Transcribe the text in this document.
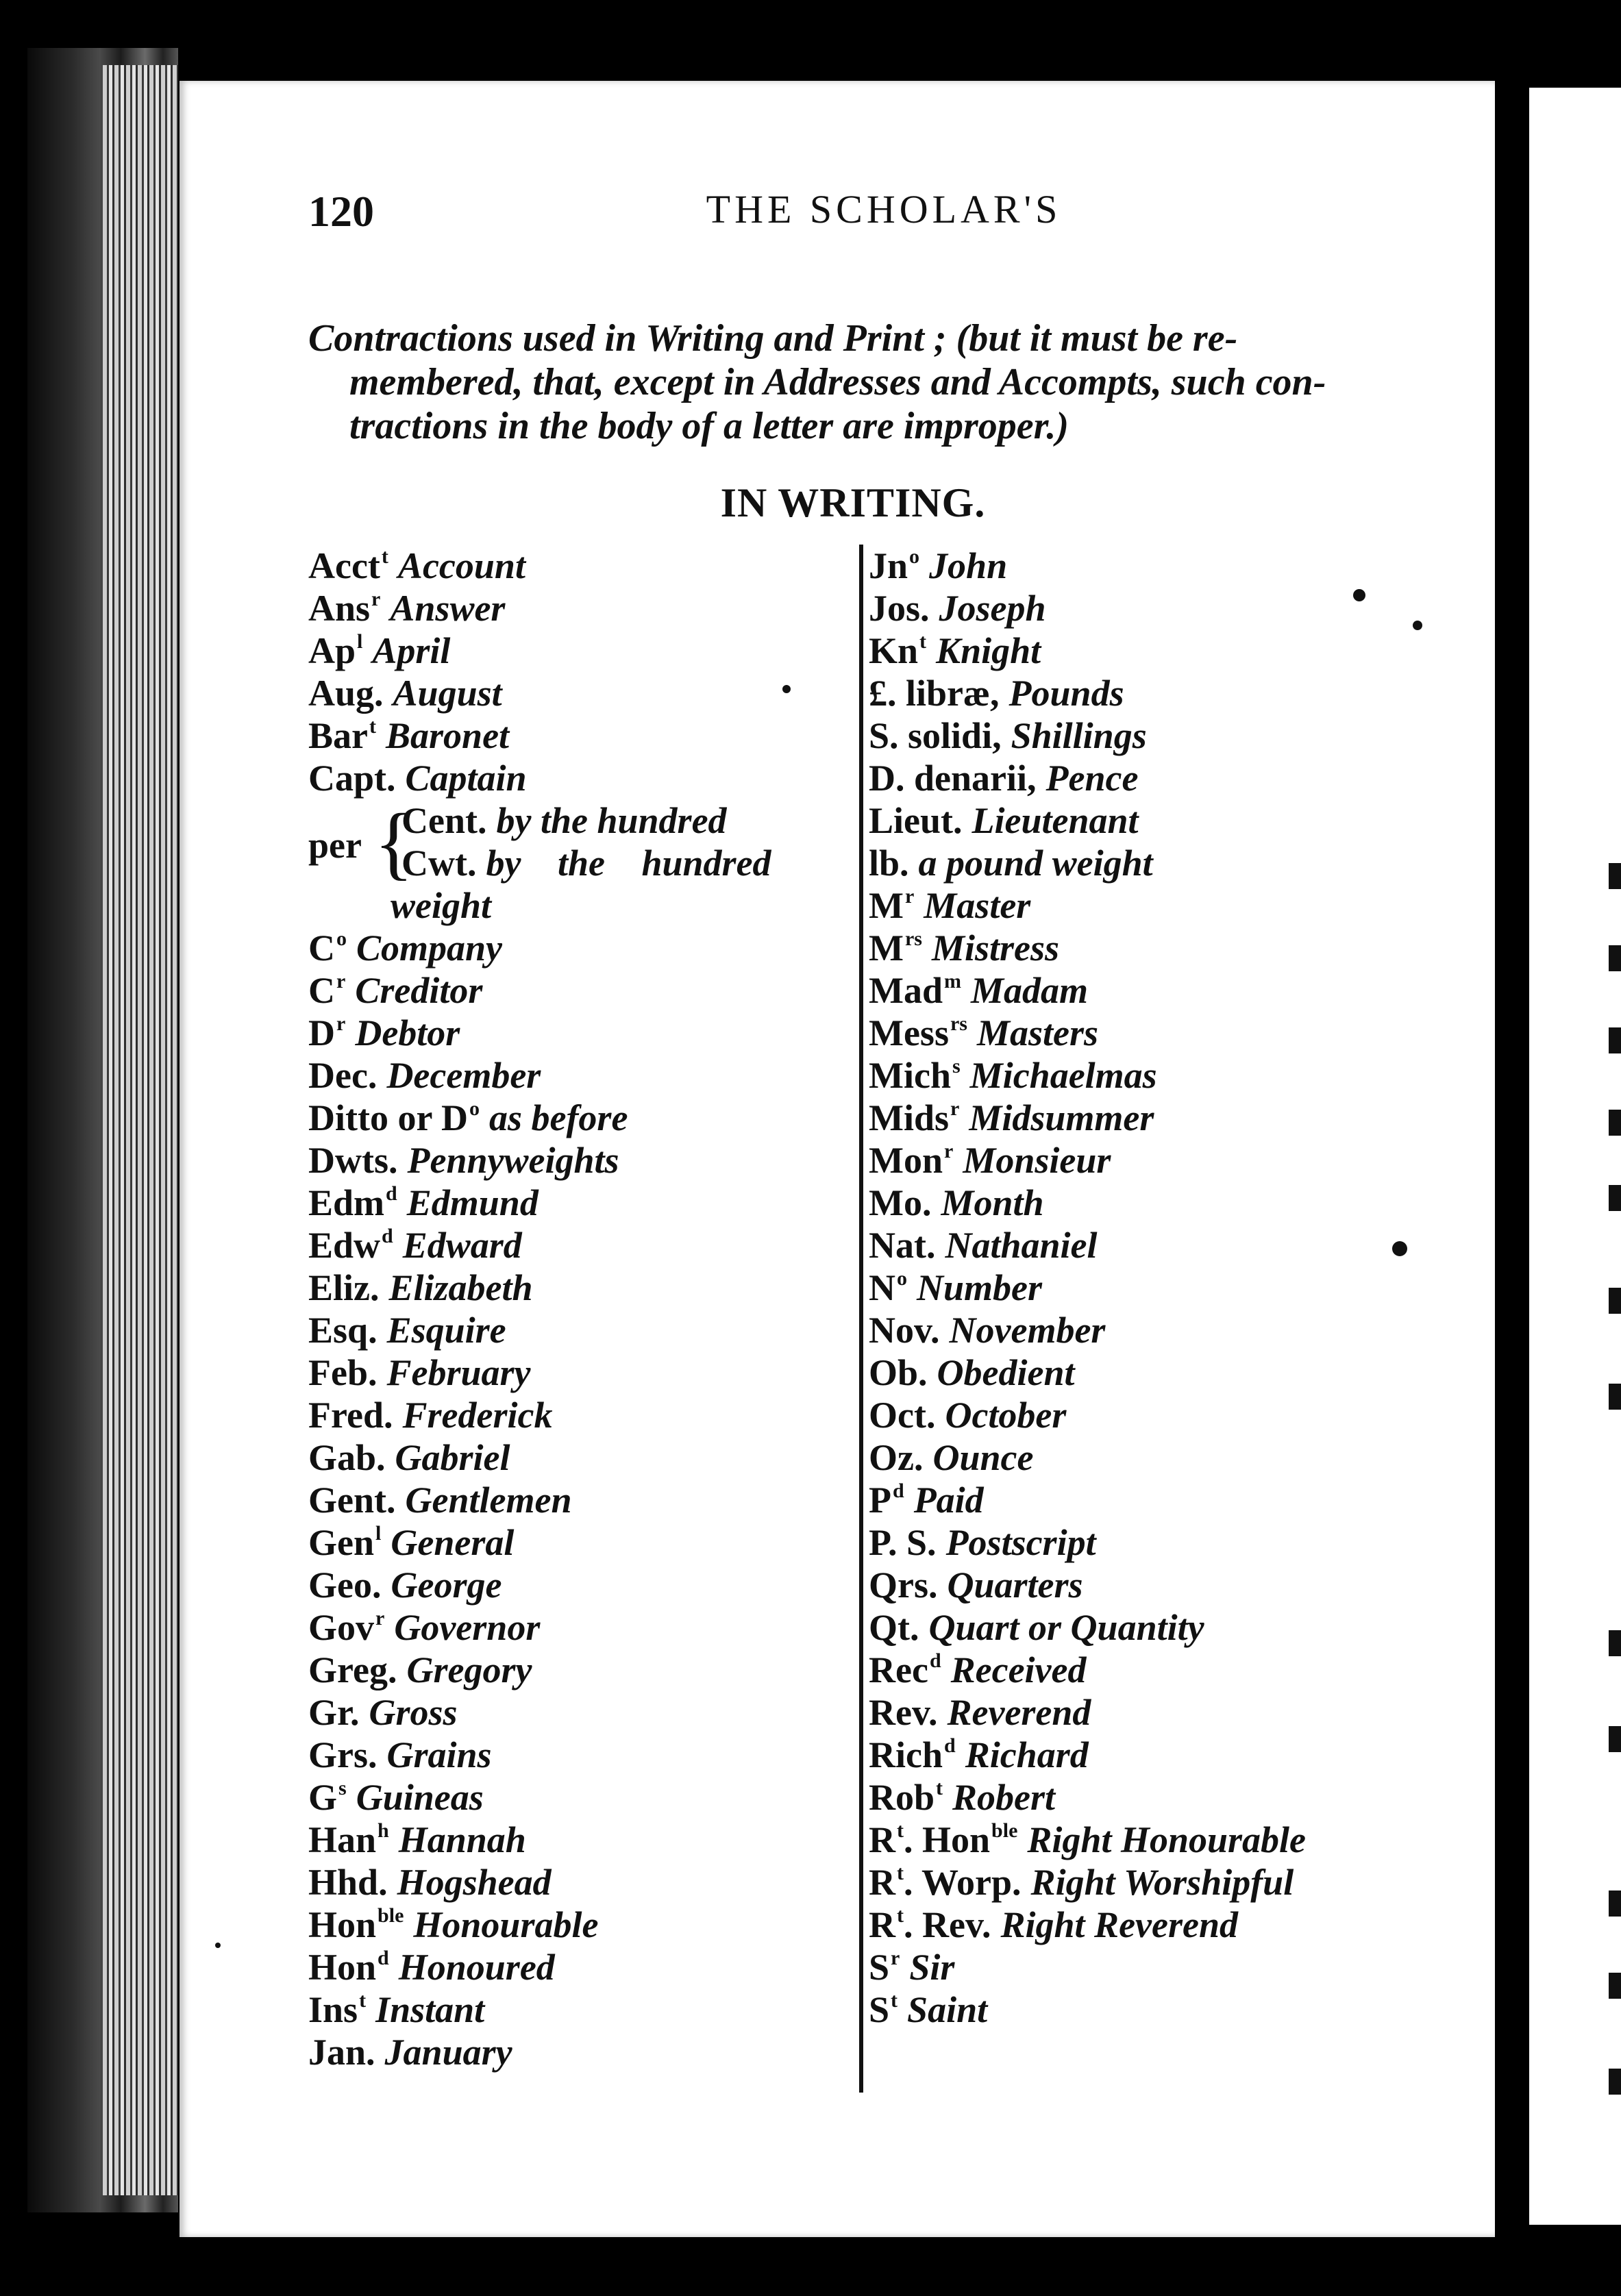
120	THE SCHOLAR'S
Contractions used in Writing and Print ; (but it must be re-
membered, that, except in Addresses and Accompts, such con-
tractions in the body of a letter are improper.)
IN WRITING.
Acct$^t$ Account
Ans$^r$ Answer
Ap$^l$ April
Aug. August
Bar$^t$ Baronet
Capt. Captain
per {
Cent. by the hundred
Cwt. by the hundred
weight
$C^o$ Company
$C^r$ Creditor
$D^r$ Debtor
Dec. December
Ditto or $D^o$ as before
Dwts. Pennyweights
Edm$^d$ Edmund
Edw$^d$ Edward
Eliz. Elizabeth
Esq. Esquire
Feb. February
Fred. Frederick
Gab. Gabriel
Gent. Gentlemen
Gen$^l$ General
Geo. George
Gov$^r$ Governor
Greg. Gregory
Gr. Gross
Grs. Grains
$G^s$ Guineas
Han$^h$ Hannah
Hhd. Hogshead
Hon$^{ble}$ Honourable
Hon$^d$ Honoured
Ins$^t$ Instant
Jan. January
Jn$^o$ John
Jos. Joseph
Kn$^t$ Knight
£. libræ, Pounds
S. solidi, Shillings
D. denarii, Pence
Lieut. Lieutenant
lb. a pound weight
$M^r$ Master
$M^{rs}$ Mistress
Mad$^m$ Madam
Mess$^{rs}$ Masters
Mich$^s$ Michaelmas
Mids$^r$ Midsummer
Mon$^r$ Monsieur
Mo. Month
Nat. Nathaniel
$N^o$ Number
Nov. November
Ob. Obedient
Oct. October
Oz. Ounce
$P^d$ Paid
P. S. Postscript
Qrs. Quarters
Qt. Quart or Quantity
Rec$^d$ Received
Rev. Reverend
Rich$^d$ Richard
Rob$^t$ Robert
$R^t$. Hon$^{ble}$ Right Honourable
$R^t$. Worp. Right Worshipful
$R^t$. Rev. Right Reverend
$S^r$ Sir
$S^t$ Saint
